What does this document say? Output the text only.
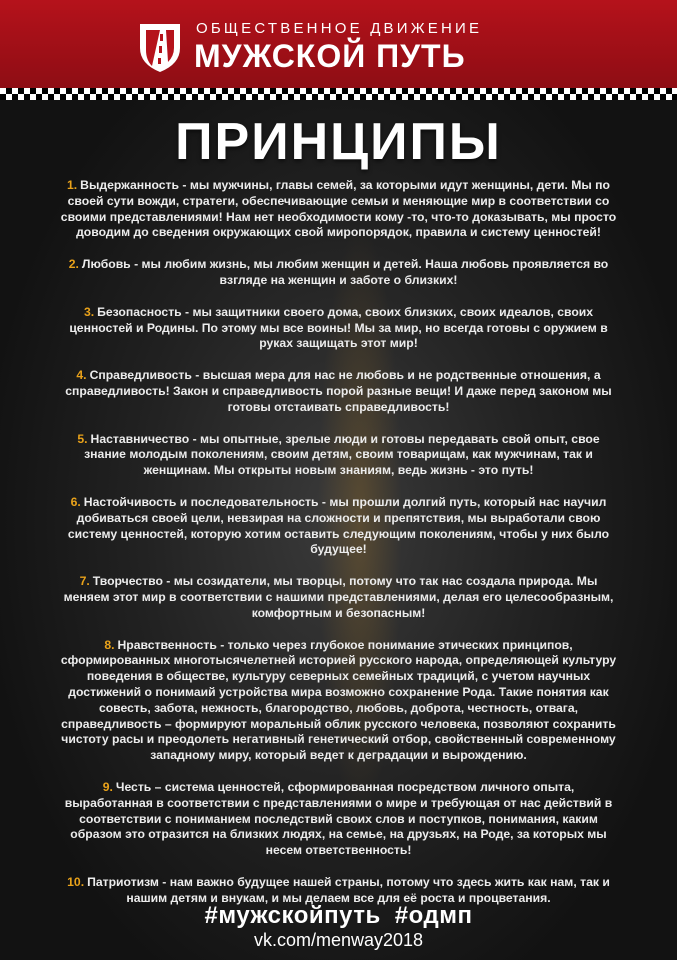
ОБЩЕСТВЕННОЕ ДВИЖЕНИЕ
МУЖСКОЙ ПУТЬ
ПРИНЦИПЫ

1. Выдержанность - мы мужчины, главы семей, за которыми идут женщины, дети. Мы по своей сути вожди, стратеги, обеспечивающие семьи и меняющие мир в соответствии со своими представлениями! Нам нет необходимости кому -то, что-то доказывать, мы просто доводим до сведения окружающих свой миропорядок, правила и систему ценностей!

2. Любовь - мы любим жизнь, мы любим женщин и детей. Наша любовь проявляется во взгляде на женщин и заботе о близких!

3. Безопасность - мы защитники своего дома, своих близких, своих идеалов, своих ценностей и Родины. По этому мы все воины! Мы за мир, но всегда готовы с оружием в руках защищать этот мир!

4. Справедливость - высшая мера для нас не любовь и не родственные отношения, а справедливость! Закон и справедливость порой разные вещи! И даже перед законом мы готовы отстаивать справедливость!

5. Наставничество - мы опытные, зрелые люди и готовы передавать свой опыт, свое знание молодым поколениям, своим детям, своим товарищам, как мужчинам, так и женщинам. Мы открыты новым знаниям, ведь жизнь - это путь!

6. Настойчивость и последовательность - мы прошли долгий путь, который нас научил добиваться своей цели, невзирая на сложности и препятствия, мы выработали свою систему ценностей, которую хотим оставить следующим поколениям, чтобы у них было будущее!

7. Творчество - мы созидатели, мы творцы, потому что так нас создала природа. Мы меняем этот мир в соответствии с нашими представлениями, делая его целесообразным, комфортным и безопасным!

8. Нравственность - только через глубокое понимание этических принципов, сформированных многотысячелетней историей русского народа, определяющей культуру поведения в обществе, культуру северных семейных традиций, с учетом научных достижений о понимаий устройства мира возможно сохранение Рода. Такие понятия как совесть, забота, нежность, благородство, любовь, доброта, честность, отвага, справедливость – формируют моральный облик русского человека, позволяют сохранить чистоту расы и преодолеть негативный генетический отбор, свойственный современному западному миру, который ведет к деградации и вырождению.

9. Честь – система ценностей, сформированная посредством личного опыта, выработанная в соответствии с представлениями о мире и требующая от нас действий в соответствии с пониманием последствий своих слов и поступков, понимания, каким образом это отразится на близких людях, на семье, на друзьях, на Роде, за которых мы несем ответственность!

10. Патриотизм - нам важно будущее нашей страны, потому что здесь жить как нам, так и нашим детям и внукам, и мы делаем все для её роста и процветания.

#мужскойпуть #одмп
vk.com/menway2018
